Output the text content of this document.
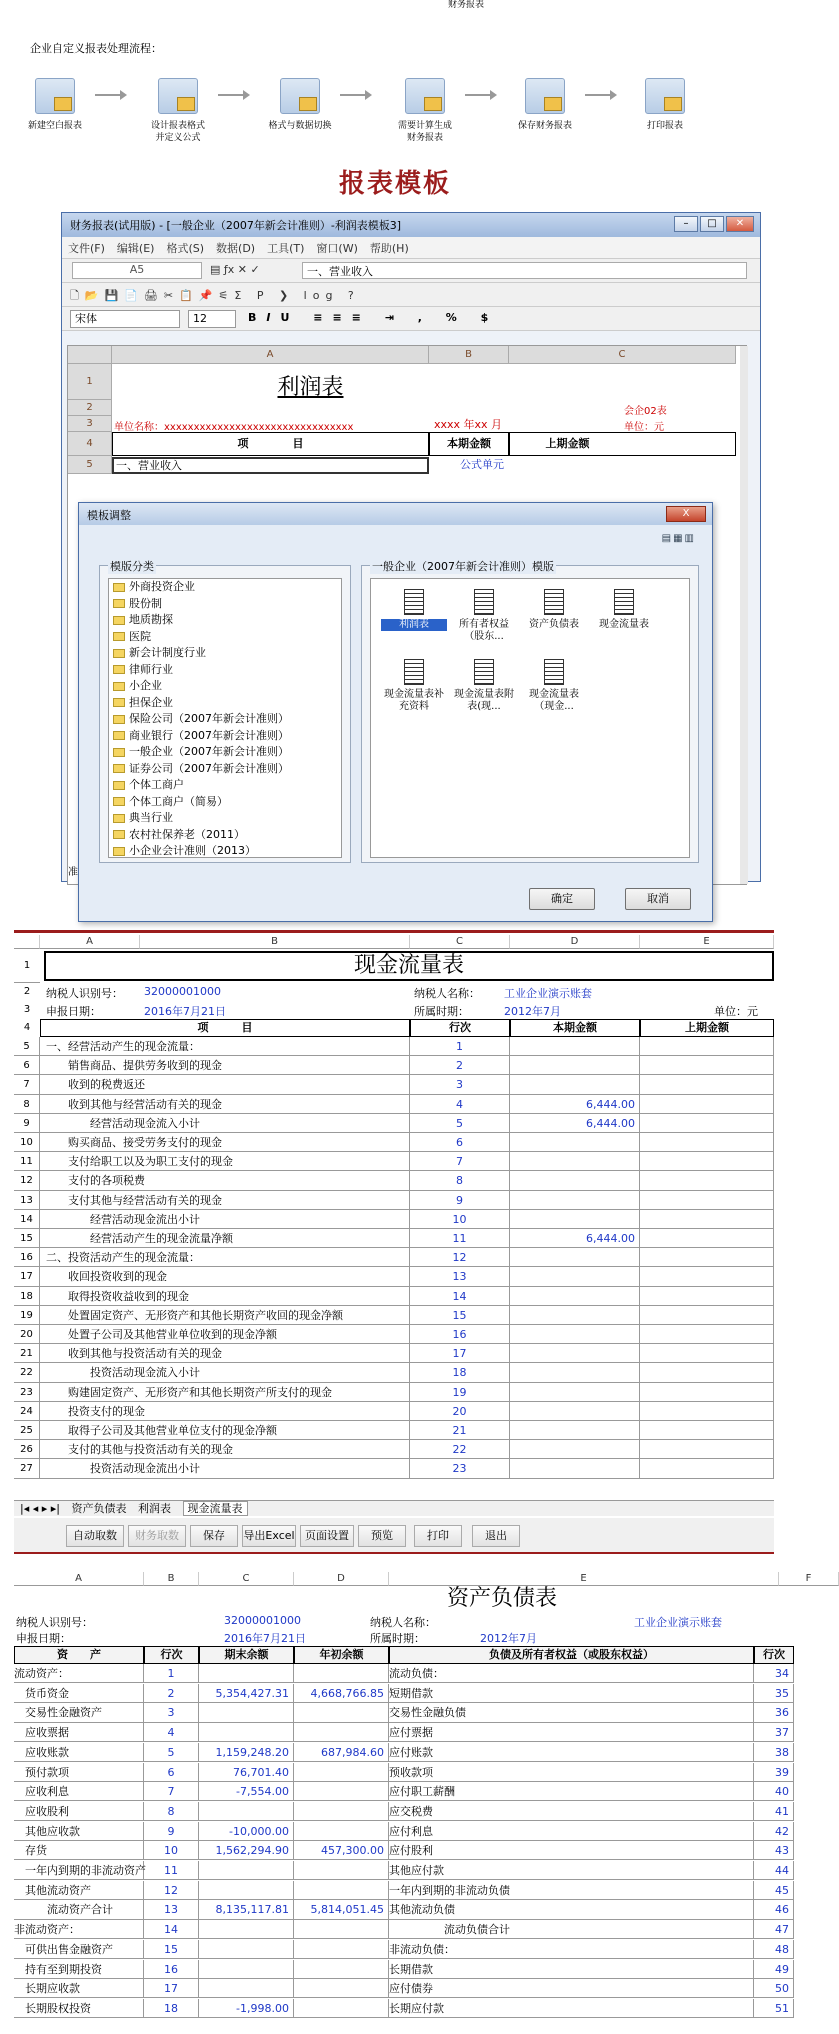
财务报表
企业自定义报表处理流程：
新建空白报表	设计报表格式
并定义公式
格式与数据切换	需要计算生成
财务报表
保存财务报表	打印报表
报表模板
财务报表(试用版) - [一般企业（2007年新会计准则）-利润表模板3]	–	□	✕
文件(F) 编辑(E) 格式(S) 数据(D) 工具(T) 窗口(W) 帮助(H)
A5	▤ ƒx ✕ ✓	一、营业收入
🗋📂💾📄🖨✂📋📌⚟Σ P ❯ log ?
宋体	12	BIU ≡≡≡ ⇥ , % $
A	B	C
1
2
3
4
5
利润表
会企02表
单位名称：xxxxxxxxxxxxxxxxxxxxxxxxxxxxxxxx	xxxx 年xx 月	单位：元
项　　　　目	本期金额	上期金额
一、营业收入	公式单元
准
模板调整	X
▤▦▥
模版分类
外商投资企业
股份制
地质勘探
医院
新会计制度行业
律师行业
小企业
担保企业
保险公司（2007年新会计准则）
商业银行（2007年新会计准则）
一般企业（2007年新会计准则）
证券公司（2007年新会计准则）
个体工商户
个体工商户（简易）
典当行业
农村社保养老（2011）
小企业会计准则（2013）
一般企业（2007年新会计准则）模版
利润表	所有者权益（股东...
资产负债表	现金流量表
现金流量表补充资料
现金流量表附表(现...
现金流量表（现金...
确定	取消
A	B	C	D	E
1	现金流量表
2	纳税人识别号： 32000001000	纳税人名称： 工业企业演示账套
3	申报日期：	2016年7月21日	所属时期：	2012年7月	单位：元
4	项　　　目	行次	本期金额	上期金额
5	一、经营活动产生的现金流量：	1
6	　　销售商品、提供劳务收到的现金	2
7	　　收到的税费返还	3
8	　　收到其他与经营活动有关的现金	4	6,444.00
9	　　　　经营活动现金流入小计	5	6,444.00
10	　　购买商品、接受劳务支付的现金	6
11	　　支付给职工以及为职工支付的现金	7
12	　　支付的各项税费	8
13	　　支付其他与经营活动有关的现金	9
14	　　　　经营活动现金流出小计	10
15	　　　　经营活动产生的现金流量净额	11	6,444.00
16	二、投资活动产生的现金流量：	12
17	　　收回投资收到的现金	13
18	　　取得投资收益收到的现金	14
19	　　处置固定资产、无形资产和其他长期资产收回的现金净额	15
20	　　处置子公司及其他营业单位收到的现金净额	16
21	　　收到其他与投资活动有关的现金	17
22	　　　　投资活动现金流入小计	18
23	　　购建固定资产、无形资产和其他长期资产所支付的现金	19
24	　　投资支付的现金	20
25	　　取得子公司及其他营业单位支付的现金净额	21
26	　　支付的其他与投资活动有关的现金	22
27	　　　　投资活动现金流出小计	23
|◂ ◂ ▸ ▸| 资产负债表 利润表 现金流量表
自动取数	财务取数	保存	导出Excel 页面设置	预览	打印	退出
A	B	C	D	E	F
资产负债表
纳税人识别号：	32000001000	纳税人名称：	工业企业演示账套
申报日期：	2016年7月21日	所属时期：	2012年7月
资　　产	行次	期末余额	年初余额	负债及所有者权益（或股东权益）	行次
流动资产：	1	流动负债：	34
　货币资金	2	5,354,427.31	4,668,766.85 短期借款	35
　交易性金融资产	3	交易性金融负债	36
　应收票据	4	应付票据	37
　应收账款	5	1,159,248.20	687,984.60 应付账款	38
　预付款项	6	76,701.40	预收款项	39
　应收利息	7	-7,554.00	应付职工薪酬	40
　应收股利	8	应交税费	41
　其他应收款	9	-10,000.00	应付利息	42
　存货	10	1,562,294.90	457,300.00 应付股利	43
　一年内到期的非流动资产	11	其他应付款	44
　其他流动资产	12	一年内到期的非流动负债	45
　　　流动资产合计	13	8,135,117.81	5,814,051.45 其他流动负债	46
非流动资产：	14	　　　　　流动负债合计	47
　可供出售金融资产	15	非流动负债：	48
　持有至到期投资	16	长期借款	49
　长期应收款	17	应付债券	50
　长期股权投资	18	-1,998.00	长期应付款	51
